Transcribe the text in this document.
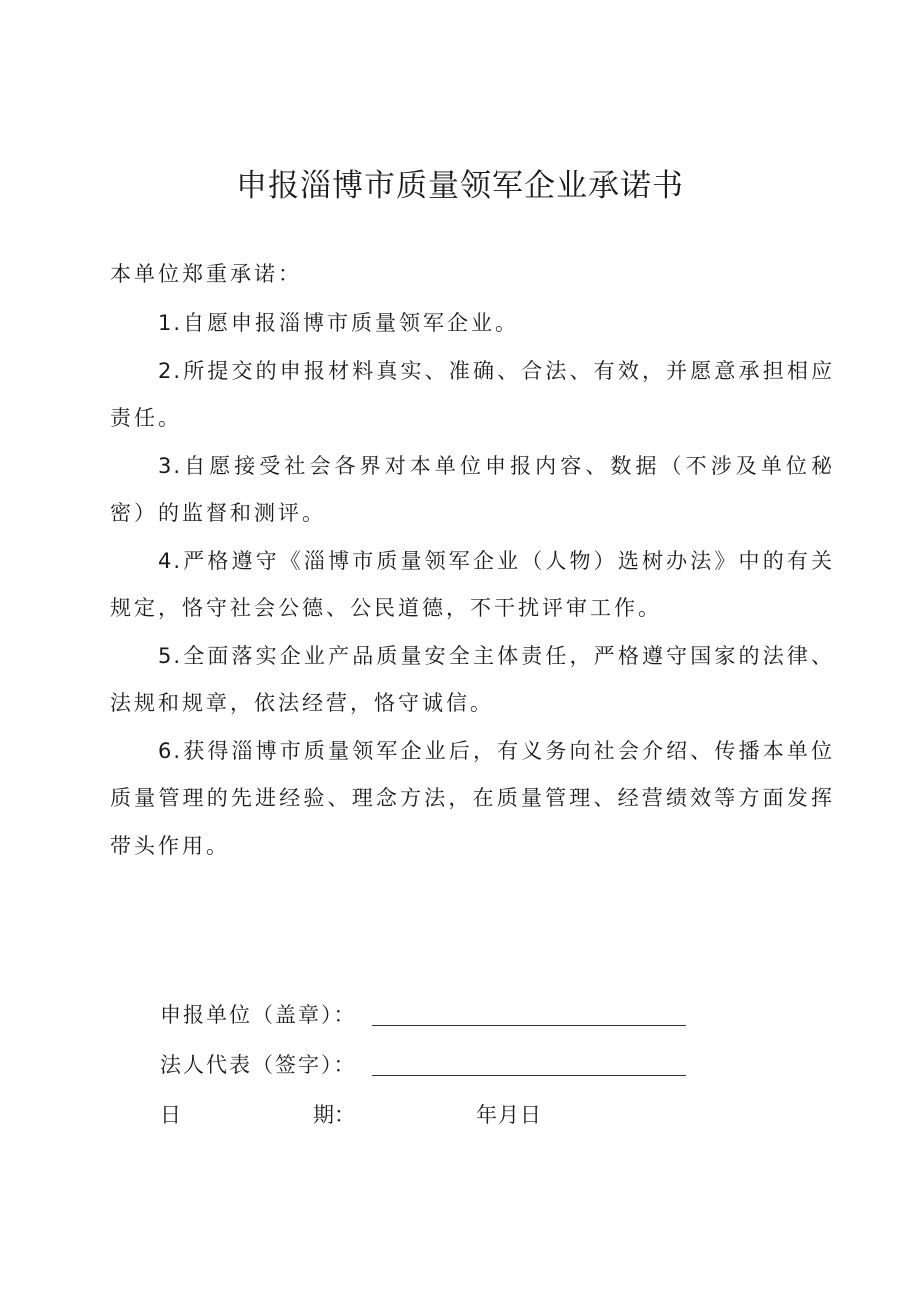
申报淄博市质量领军企业承诺书

本单位郑重承诺：

1.自愿申报淄博市质量领军企业。

2.所提交的申报材料真实、准确、合法、有效，并愿意承担相应责任。

3.自愿接受社会各界对本单位申报内容、数据（不涉及单位秘密）的监督和测评。

4.严格遵守《淄博市质量领军企业（人物）选树办法》中的有关规定，恪守社会公德、公民道德，不干扰评审工作。

5.全面落实企业产品质量安全主体责任，严格遵守国家的法律、法规和规章，依法经营，恪守诚信。

6.获得淄博市质量领军企业后，有义务向社会介绍、传播本单位质量管理的先进经验、理念方法，在质量管理、经营绩效等方面发挥带头作用。

申报单位（盖章）：
法人代表（签字）：
日	期：	年月日
